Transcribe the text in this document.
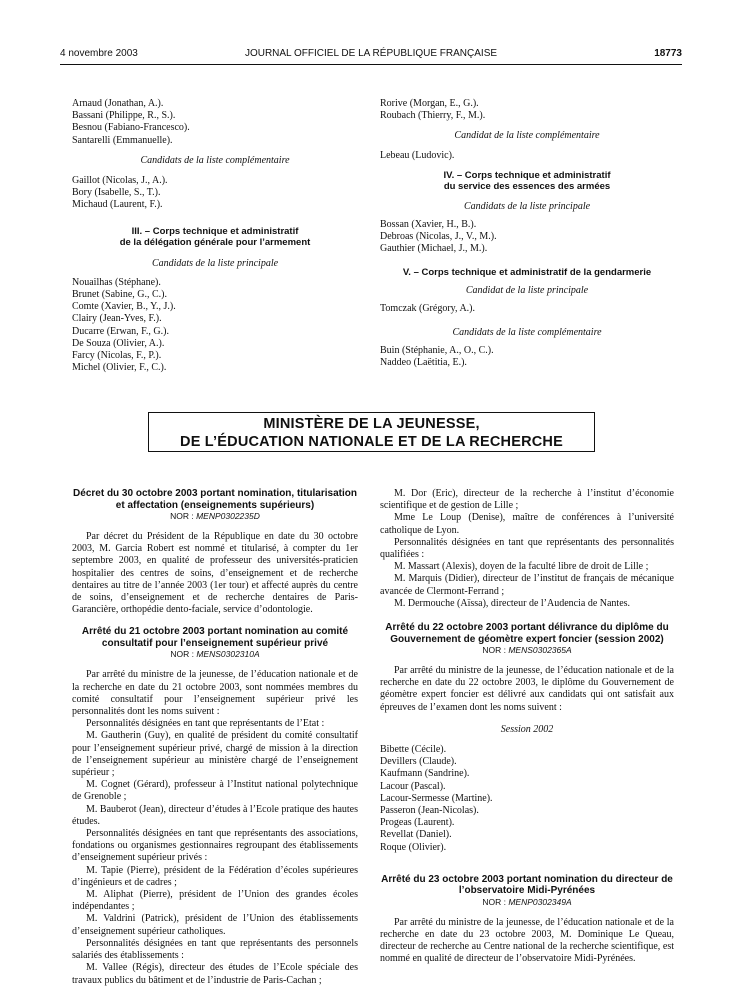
4 novembre 2003	JOURNAL OFFICIEL DE LA RÉPUBLIQUE FRANÇAISE	18773
Arnaud (Jonathan, A.).
Bassani (Philippe, R., S.).
Besnou (Fabiano-Francesco).
Santarelli (Emmanuelle).
Candidats de la liste complémentaire
Gaillot (Nicolas, J., A.).
Bory (Isabelle, S., T.).
Michaud (Laurent, F.).
III. – Corps technique et administratif
de la délégation générale pour l’armement
Candidats de la liste principale
Nouailhas (Stéphane).
Brunet (Sabine, G., C.).
Comte (Xavier, B., Y., J.).
Clairy (Jean-Yves, F.).
Ducarre (Erwan, F., G.).
De Souza (Olivier, A.).
Farcy (Nicolas, F., P.).
Michel (Olivier, F., C.).
Rorive (Morgan, E., G.).
Roubach (Thierry, F., M.).
Candidat de la liste complémentaire
Lebeau (Ludovic).
IV. – Corps technique et administratif
du service des essences des armées
Candidats de la liste principale
Bossan (Xavier, H., B.).
Debroas (Nicolas, J., V., M.).
Gauthier (Michael, J., M.).
V. – Corps technique et administratif de la gendarmerie
Candidat de la liste principale
Tomczak (Grégory, A.).
Candidats de la liste complémentaire
Buin (Stéphanie, A., O., C.).
Naddeo (Laëtitia, E.).
MINISTÈRE DE LA JEUNESSE,
DE L’ÉDUCATION NATIONALE ET DE LA RECHERCHE
Décret du 30 octobre 2003 portant nomination, titularisation et affectation (enseignements supérieurs)
NOR : MENP0302235D

Par décret du Président de la République en date du 30 octobre 2003, M. Garcia Robert est nommé et titularisé, à compter du 1er septembre 2003, en qualité de professeur des universités-praticien hospitalier des centres de soins, d’enseignement et de recherche dentaires au titre de l’année 2003 (1er tour) et affecté auprès du centre de soins, d’enseignement et de recherche dentaires de Paris-Garancière, orthopédie dento-faciale, service d’odontologie.

Arrêté du 21 octobre 2003 portant nomination au comité consultatif pour l’enseignement supérieur privé
NOR : MENS0302310A

Par arrêté du ministre de la jeunesse, de l’éducation nationale et de la recherche en date du 21 octobre 2003, sont nommées membres du comité consultatif pour l’enseignement supérieur privé les personnalités dont les noms suivent :

Personnalités désignées en tant que représentants de l’Etat :

M. Gautherin (Guy), en qualité de président du comité consultatif pour l’enseignement supérieur privé, chargé de mission à la direction de l’enseignement supérieur au ministère chargé de l’enseignement supérieur ;

M. Cognet (Gérard), professeur à l’Institut national polytechnique de Grenoble ;

M. Bauberot (Jean), directeur d’études à l’Ecole pratique des hautes études.

Personnalités désignées en tant que représentants des associations, fondations ou organismes gestionnaires regroupant des établissements d’enseignement supérieur privés :

M. Tapie (Pierre), président de la Fédération d’écoles supérieures d’ingénieurs et de cadres ;

M. Aliphat (Pierre), président de l’Union des grandes écoles indépendantes ;

M. Valdrini (Patrick), président de l’Union des établissements d’enseignement supérieur catholiques.

Personnalités désignées en tant que représentants des personnels salariés des établissements :

M. Vallee (Régis), directeur des études de l’Ecole spéciale des travaux publics du bâtiment et de l’industrie de Paris-Cachan ;

M. Dor (Eric), directeur de la recherche à l’institut d’économie scientifique et de gestion de Lille ;

Mme Le Loup (Denise), maître de conférences à l’université catholique de Lyon.

Personnalités désignées en tant que représentants des personnalités qualifiées :

M. Massart (Alexis), doyen de la faculté libre de droit de Lille ;

M. Marquis (Didier), directeur de l’institut de français de mécanique avancée de Clermont-Ferrand ;

M. Dermouche (Aïssa), directeur de l’Audencia de Nantes.

Arrêté du 22 octobre 2003 portant délivrance du diplôme du Gouvernement de géomètre expert foncier (session 2002)
NOR : MENS0302365A

Par arrêté du ministre de la jeunesse, de l’éducation nationale et de la recherche en date du 22 octobre 2003, le diplôme du Gouvernement de géomètre expert foncier est délivré aux candidats qui ont satisfait aux épreuves de l’examen dont les noms suivent :

Session 2002
Bibette (Cécile).
Devillers (Claude).
Kaufmann (Sandrine).
Lacour (Pascal).
Lacour-Sermesse (Martine).
Passeron (Jean-Nicolas).
Progeas (Laurent).
Revellat (Daniel).
Roque (Olivier).
Arrêté du 23 octobre 2003 portant nomination du directeur de l’observatoire Midi-Pyrénées
NOR : MENP0302349A

Par arrêté du ministre de la jeunesse, de l’éducation nationale et de la recherche en date du 23 octobre 2003, M. Dominique Le Queau, directeur de recherche au Centre national de la recherche scientifique, est nommé en qualité de directeur de l’observatoire Midi-Pyrénées.
